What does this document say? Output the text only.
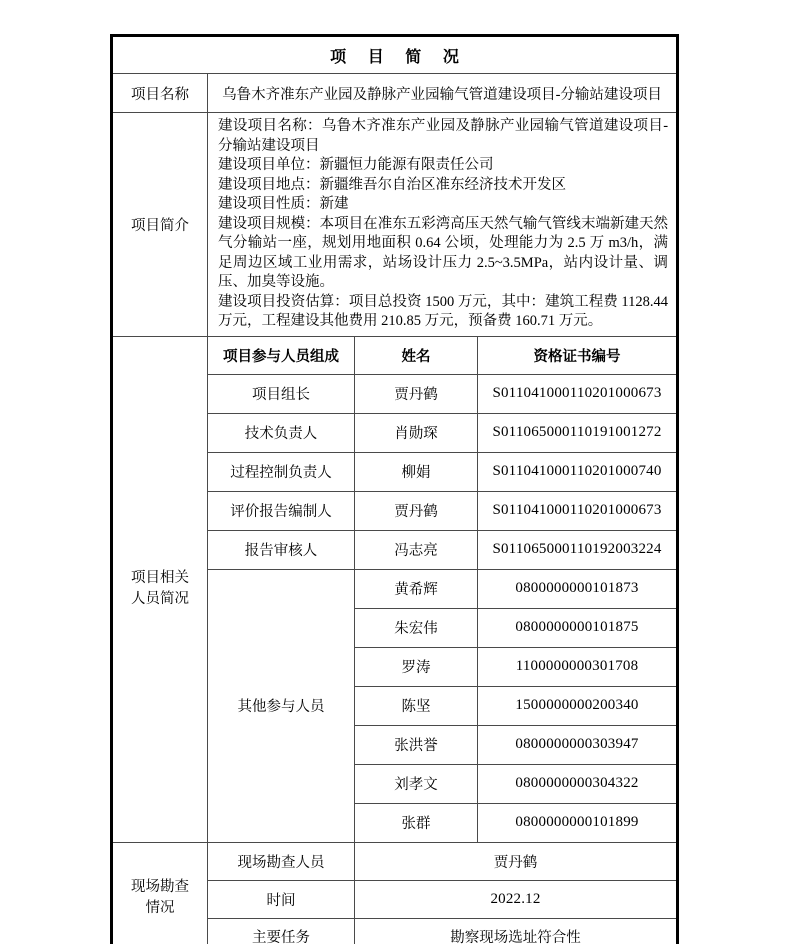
项 目 简 况			
项目名称	乌鲁木齐准东产业园及静脉产业园输气管道建设项目-分输站建设项目		
项目简介	

建设项目名称：乌鲁木齐准东产业园及静脉产业园输气管道建设项目-分输站建设项目

建设项目单位：新疆恒力能源有限责任公司

建设项目地点：新疆维吾尔自治区准东经济技术开发区

建设项目性质：新建

建设项目规模：本项目在准东五彩湾高压天然气输气管线末端新建天然气分输站一座，规划用地面积 0.64 公顷，处理能力为 2.5 万 m3/h，满足周边区域工业用需求，站场设计压力 2.5~3.5MPa，站内设计量、调压、加臭等设施。

建设项目投资估算：项目总投资 1500 万元，其中：建筑工程费 1128.44 万元，工程建设其他费用 210.85 万元，预备费 160.71 万元。

项目相关人员简况	项目参与人员组成	姓名	资格证书编号
	项目组长	贾丹鹤	S011041000110201000673
	技术负责人	肖勋琛	S011065000110191001272
	过程控制负责人	柳娟	S011041000110201000740
	评价报告编制人	贾丹鹤	S011041000110201000673
	报告审核人	冯志亮	S011065000110192003224
	其他参与人员	黄希辉	0800000000101873
		朱宏伟	0800000000101875
		罗涛	1100000000301708
		陈坚	1500000000200340
		张洪誉	0800000000303947
		刘孝文	0800000000304322
		张群	0800000000101899
现场勘查情况	现场勘查人员	贾丹鹤	
	时间	2022.12	
	主要任务	勘察现场选址符合性	
